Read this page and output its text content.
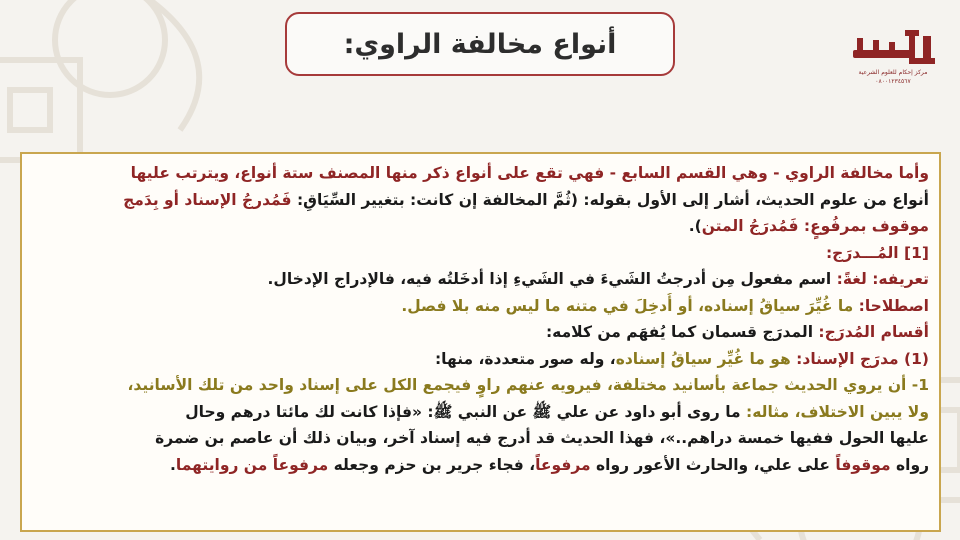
أنواع مخالفة الراوي:
مركز إحكام للعلوم الشرعية
٠٨٠٠١٢٣٤٥٦٧
وأما مخالفة الراوي - وهي القسم السابع - فهي تقع على أنواع ذكر منها المصنف ستة أنواع، ويترتب عليها
أنواع من علوم الحديث، أشار إلى الأول بقوله: (ثُمَّ المخالفة إن كانت: بتغيير السِّيَاقِ: فَمُدرجُ الإسناد أو بِدَمج
موقوف بمرفُوعٍ: فَمُدرَجُ المتن).
[1] المُـــدرَج:
تعريفه: لغةً: اسم مفعول مِن أدرجتُ الشَيءَ في الشَيءِ إذا أدخَلتُه فيه، فالإدراج الإدخال.
اصطلاحا: ما غُيِّرَ سياقُ إسناده، أو أُدخِلَ في متنه ما ليس منه بلا فصل.
أقسام المُدرَج: المدرَج قسمان كما يُفهَم من كلامه:
(1) مدرَج الإسناد: هو ما غُيِّر سياقُ إسناده، وله صور متعددة، منها:
1- أن يروي الحديث جماعة بأسانيد مختلفة، فيرويه عنهم راوٍ فيجمع الكل على إسناد واحد من تلك الأسانيد،
ولا يبين الاختلاف، مثاله: ما روى أبو داود عن علي ﷺ عن النبي ﷺ: «فإذا كانت لك مائتا درهم وحال
عليها الحول ففيها خمسة دراهم..»، فهذا الحديث قد أدرج فيه إسناد آخر، وبيان ذلك أن عاصم بن ضمرة
رواه موقوفاً على علي، والحارث الأعور رواه مرفوعاً، فجاء جرير بن حزم وجعله مرفوعاً من روايتهما.
